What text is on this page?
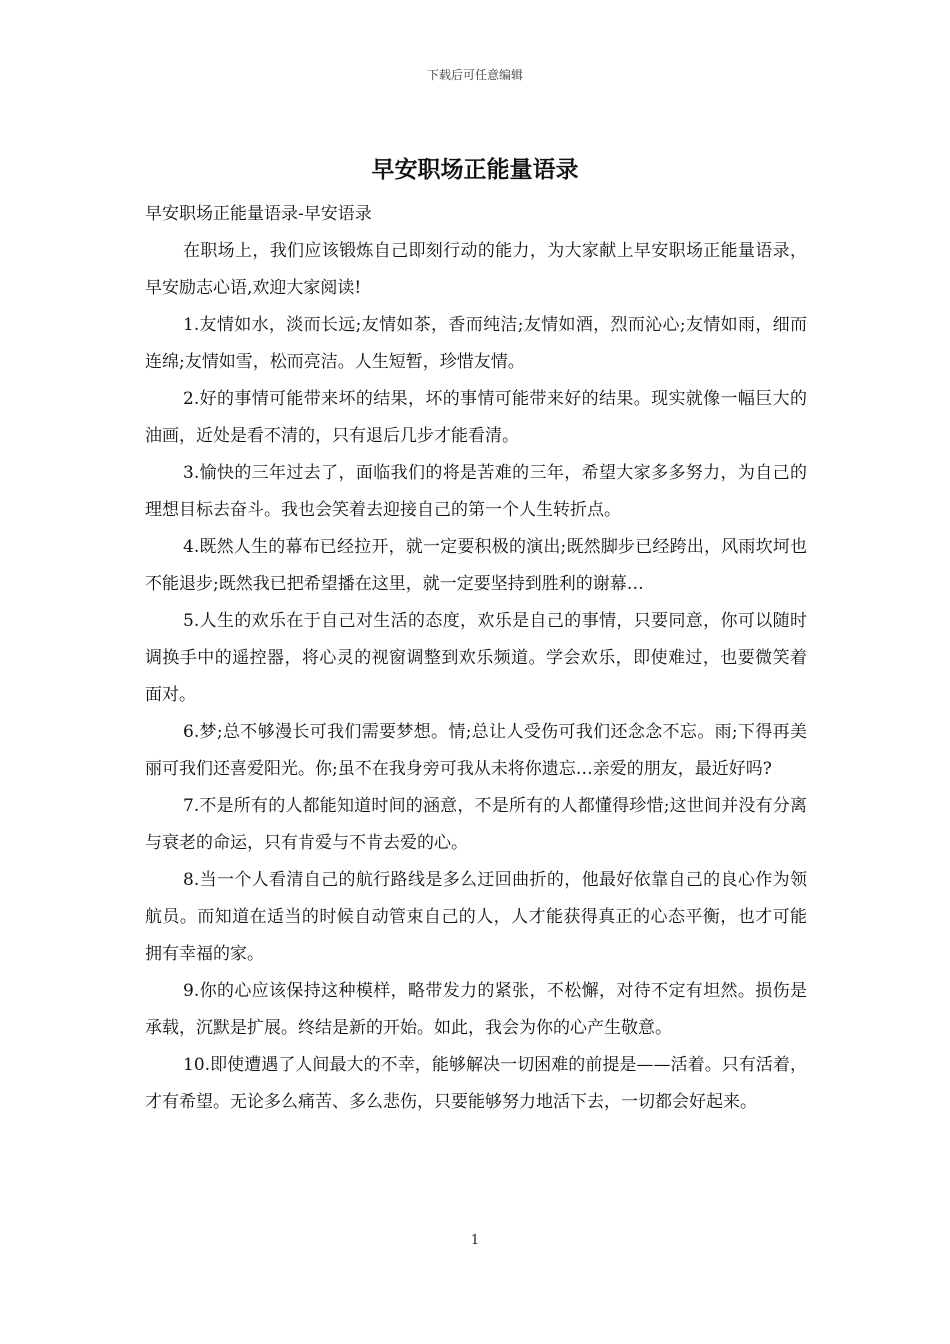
下载后可任意编辑
早安职场正能量语录

早安职场正能量语录-早安语录

在职场上，我们应该锻炼自己即刻行动的能力，为大家献上早安职场正能量语录，早安励志心语,欢迎大家阅读!

1.友情如水，淡而长远;友情如茶，香而纯洁;友情如酒，烈而沁心;友情如雨，细而连绵;友情如雪，松而亮洁。人生短暂，珍惜友情。

2.好的事情可能带来坏的结果，坏的事情可能带来好的结果。现实就像一幅巨大的油画，近处是看不清的，只有退后几步才能看清。

3.愉快的三年过去了，面临我们的将是苦难的三年，希望大家多多努力，为自己的理想目标去奋斗。我也会笑着去迎接自己的第一个人生转折点。

4.既然人生的幕布已经拉开，就一定要积极的演出;既然脚步已经跨出，风雨坎坷也不能退步;既然我已把希望播在这里，就一定要坚持到胜利的谢幕…

5.人生的欢乐在于自己对生活的态度，欢乐是自己的事情，只要同意，你可以随时调换手中的遥控器，将心灵的视窗调整到欢乐频道。学会欢乐，即使难过，也要微笑着面对。

6.梦;总不够漫长可我们需要梦想。情;总让人受伤可我们还念念不忘。雨;下得再美丽可我们还喜爱阳光。你;虽不在我身旁可我从未将你遗忘…亲爱的朋友，最近好吗?

7.不是所有的人都能知道时间的涵意，不是所有的人都懂得珍惜;这世间并没有分离与衰老的命运，只有肯爱与不肯去爱的心。

8.当一个人看清自己的航行路线是多么迂回曲折的，他最好依靠自己的良心作为领航员。而知道在适当的时候自动管束自己的人，人才能获得真正的心态平衡，也才可能拥有幸福的家。

9.你的心应该保持这种模样，略带发力的紧张，不松懈，对待不定有坦然。损伤是承载，沉默是扩展。终结是新的开始。如此，我会为你的心产生敬意。

10.即使遭遇了人间最大的不幸，能够解决一切困难的前提是——活着。只有活着，才有希望。无论多么痛苦、多么悲伤，只要能够努力地活下去，一切都会好起来。

1
